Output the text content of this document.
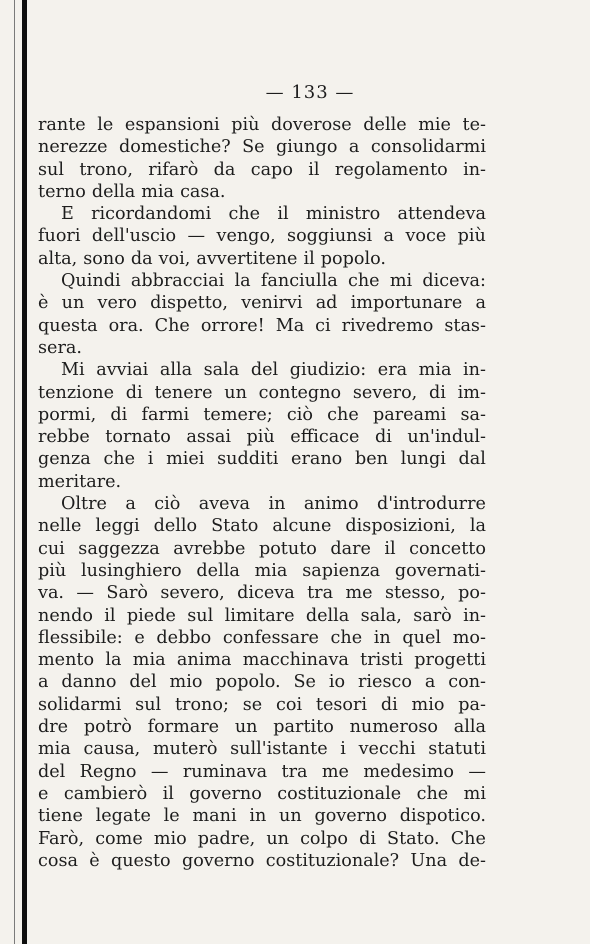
— 133 —
rante le espansioni più doverose delle mie te-
nerezze domestiche? Se giungo a consolidarmi
sul trono, rifarò da capo il regolamento in-
terno della mia casa.
E ricordandomi che il ministro attendeva
fuori dell'uscio — vengo, soggiunsi a voce più
alta, sono da voi, avvertitene il popolo.
Quindi abbracciai la fanciulla che mi diceva:
è un vero dispetto, venirvi ad importunare a
questa ora. Che orrore! Ma ci rivedremo stas-
sera.
Mi avviai alla sala del giudizio: era mia in-
tenzione di tenere un contegno severo, di im-
pormi, di farmi temere; ciò che pareami sa-
rebbe tornato assai più efficace di un'indul-
genza che i miei sudditi erano ben lungi dal
meritare.
Oltre a ciò aveva in animo d'introdurre
nelle leggi dello Stato alcune disposizioni, la
cui saggezza avrebbe potuto dare il concetto
più lusinghiero della mia sapienza governati-
va. — Sarò severo, diceva tra me stesso, po-
nendo il piede sul limitare della sala, sarò in-
flessibile: e debbo confessare che in quel mo-
mento la mia anima macchinava tristi progetti
a danno del mio popolo. Se io riesco a con-
solidarmi sul trono; se coi tesori di mio pa-
dre potrò formare un partito numeroso alla
mia causa, muterò sull'istante i vecchi statuti
del Regno — ruminava tra me medesimo —
e cambierò il governo costituzionale che mi
tiene legate le mani in un governo dispotico.
Farò, come mio padre, un colpo di Stato. Che
cosa è questo governo costituzionale? Una de-
